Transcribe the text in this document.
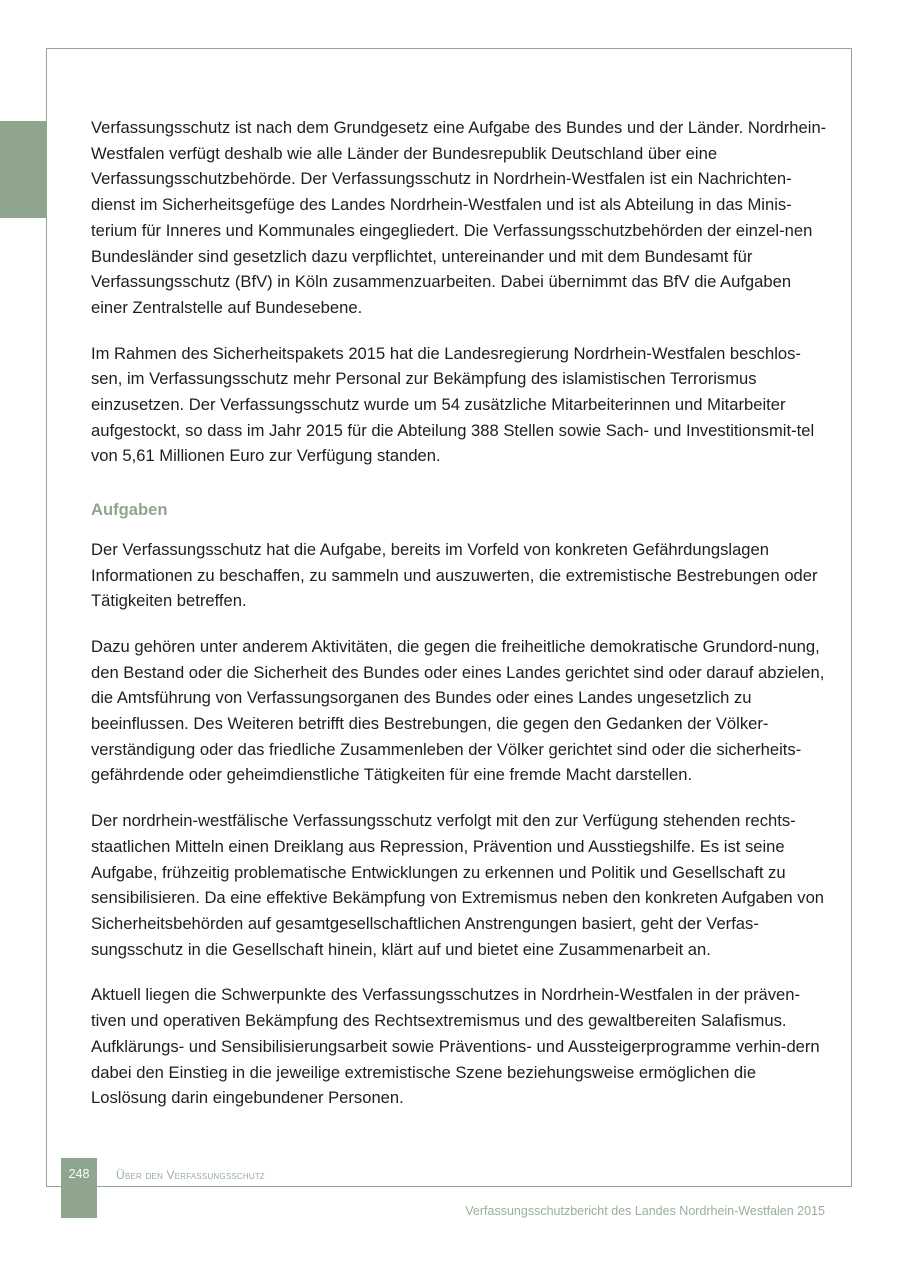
Verfassungsschutz ist nach dem Grundgesetz eine Aufgabe des Bundes und der Länder. Nordrhein-Westfalen verfügt deshalb wie alle Länder der Bundesrepublik Deutschland über eine Verfassungsschutzbehörde. Der Verfassungsschutz in Nordrhein-Westfalen ist ein Nachrichten-dienst im Sicherheitsgefüge des Landes Nordrhein-Westfalen und ist als Abteilung in das Minis-terium für Inneres und Kommunales eingegliedert. Die Verfassungsschutzbehörden der einzel-nen Bundesländer sind gesetzlich dazu verpflichtet, untereinander und mit dem Bundesamt für Verfassungsschutz (BfV) in Köln zusammenzuarbeiten. Dabei übernimmt das BfV die Aufgaben einer Zentralstelle auf Bundesebene.

Im Rahmen des Sicherheitspakets 2015 hat die Landesregierung Nordrhein-Westfalen beschlos-sen, im Verfassungsschutz mehr Personal zur Bekämpfung des islamistischen Terrorismus einzusetzen. Der Verfassungsschutz wurde um 54 zusätzliche Mitarbeiterinnen und Mitarbeiter aufgestockt, so dass im Jahr 2015 für die Abteilung 388 Stellen sowie Sach- und Investitionsmit-tel von 5,61 Millionen Euro zur Verfügung standen.

Aufgaben

Der Verfassungsschutz hat die Aufgabe, bereits im Vorfeld von konkreten Gefährdungslagen Informationen zu beschaffen, zu sammeln und auszuwerten, die extremistische Bestrebungen oder Tätigkeiten betreffen.

Dazu gehören unter anderem Aktivitäten, die gegen die freiheitliche demokratische Grundord-nung, den Bestand oder die Sicherheit des Bundes oder eines Landes gerichtet sind oder darauf abzielen, die Amtsführung von Verfassungsorganen des Bundes oder eines Landes ungesetzlich zu beeinflussen. Des Weiteren betrifft dies Bestrebungen, die gegen den Gedanken der Völker-verständigung oder das friedliche Zusammenleben der Völker gerichtet sind oder die sicherheits-gefährdende oder geheimdienstliche Tätigkeiten für eine fremde Macht darstellen.

Der nordrhein-westfälische Verfassungsschutz verfolgt mit den zur Verfügung stehenden rechts-staatlichen Mitteln einen Dreiklang aus Repression, Prävention und Ausstiegshilfe. Es ist seine Aufgabe, frühzeitig problematische Entwicklungen zu erkennen und Politik und Gesellschaft zu sensibilisieren. Da eine effektive Bekämpfung von Extremismus neben den konkreten Aufgaben von Sicherheitsbehörden auf gesamtgesellschaftlichen Anstrengungen basiert, geht der Verfas-sungsschutz in die Gesellschaft hinein, klärt auf und bietet eine Zusammenarbeit an.

Aktuell liegen die Schwerpunkte des Verfassungsschutzes in Nordrhein-Westfalen in der präven-tiven und operativen Bekämpfung des Rechtsextremismus und des gewaltbereiten Salafismus. Aufklärungs- und Sensibilisierungsarbeit sowie Präventions- und Aussteigerprogramme verhin-dern dabei den Einstieg in die jeweilige extremistische Szene beziehungsweise ermöglichen die Loslösung darin eingebundener Personen.

248	Über den Verfassungsschutz
Verfassungsschutzbericht des Landes Nordrhein-Westfalen 2015
